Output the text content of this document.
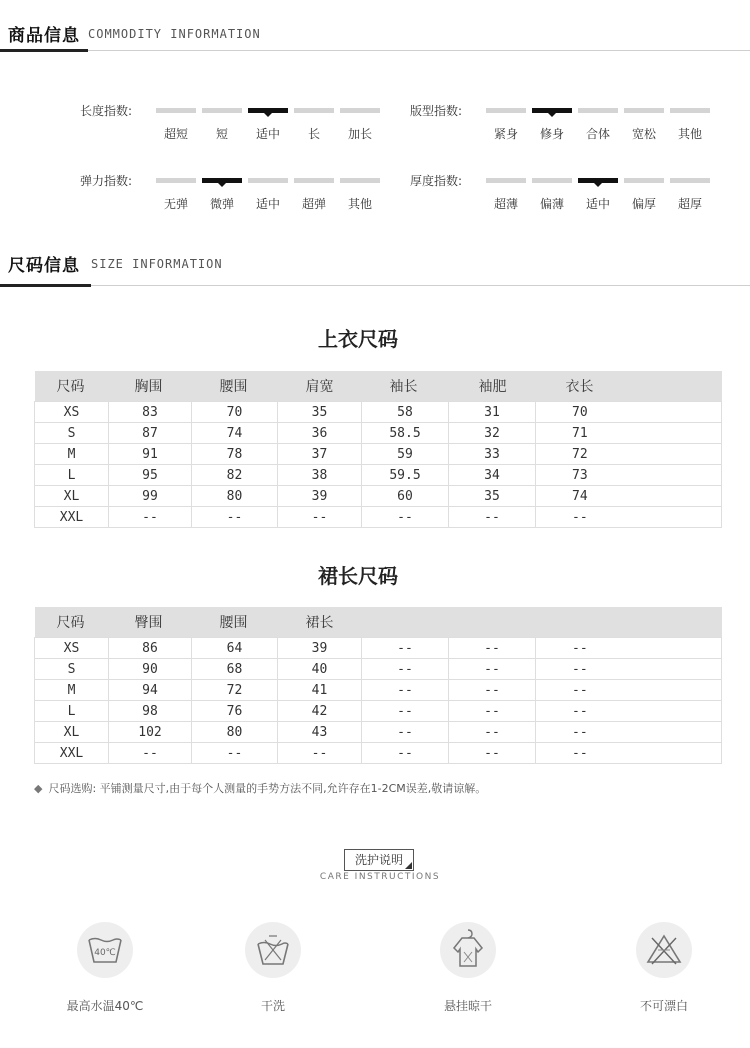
商品信息 COMMODITY INFORMATION
长度指数:
超短	短	适中	长	加长
版型指数:
紧身	修身	合体	宽松	其他
弹力指数:
无弹	微弹	适中	超弹	其他
厚度指数:
超薄	偏薄	适中	偏厚	超厚
尺码信息 SIZE INFORMATION
上衣尺码
尺码	胸围	腰围	肩宽	袖长	袖肥	衣长
XS	83	70	35	58	31	70
S	87	74	36	58.5	32	71
M	91	78	37	59	33	72
L	95	82	38	59.5	34	73
XL	99	80	39	60	35	74
XXL	--	--	--	--	--	--
裙长尺码
尺码	臀围	腰围	裙长			
XS	86	64	39	--	--	--
S	90	68	40	--	--	--
M	94	72	41	--	--	--
L	98	76	42	--	--	--
XL	102	80	43	--	--	--
XXL	--	--	--	--	--	--
◆ 尺码选购: 平铺测量尺寸,由于每个人测量的手势方法不同,允许存在1-2CM误差,敬请谅解。
洗护说明
CARE INSTRUCTIONS
40℃
最高水温40℃	干洗	悬挂晾干	不可漂白
